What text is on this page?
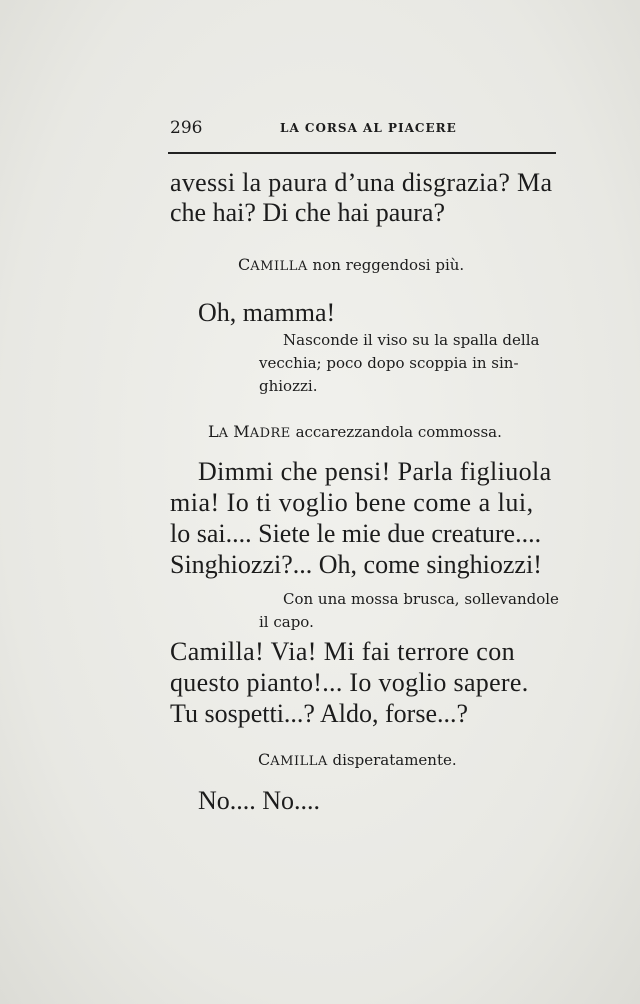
296	LA CORSA AL PIACERE
avessi la paura d’una disgrazia? Ma
che hai? Di che hai paura?
CAMILLA non reggendosi più.
Oh, mamma!
Nasconde il viso su la spalla della
vecchia; poco dopo scoppia in sin-
ghiozzi.
LA MADRE accarezzandola commossa.
Dimmi che pensi! Parla figliuola
mia! Io ti voglio bene come a lui,
lo sai.... Siete le mie due creature....
Singhiozzi?... Oh, come singhiozzi!
Con una mossa brusca, sollevandole
il capo.
Camilla! Via! Mi fai terrore con
questo pianto!... Io voglio sapere.
Tu sospetti...? Aldo, forse...?
CAMILLA disperatamente.
No.... No....
